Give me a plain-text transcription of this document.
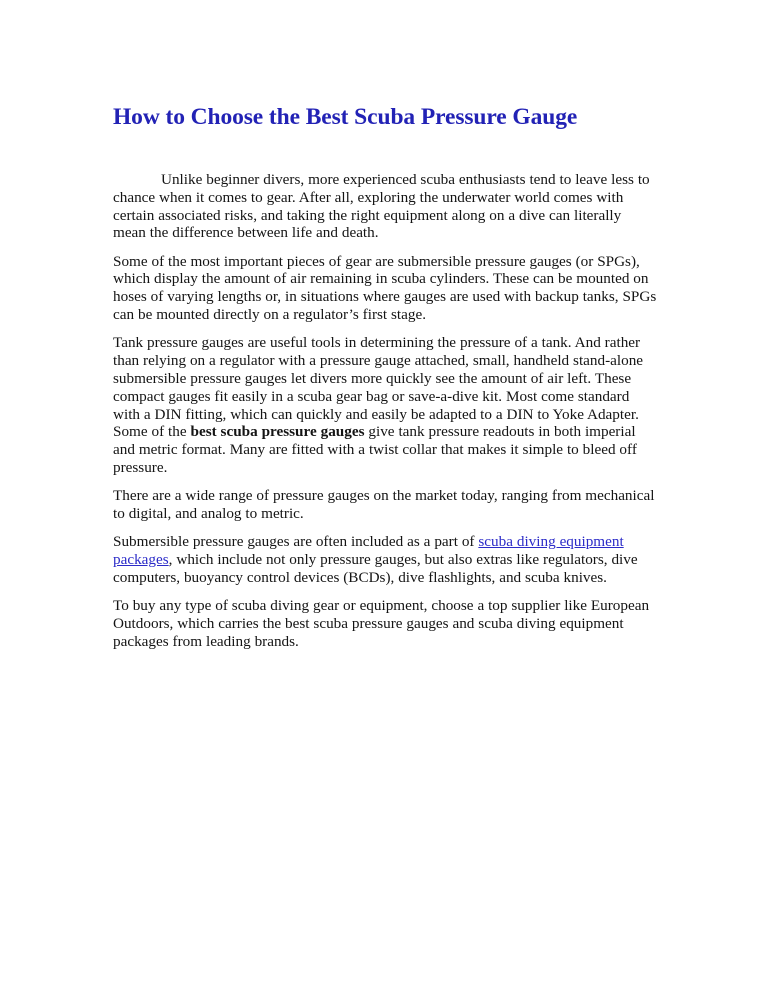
How to Choose the Best Scuba Pressure Gauge

Unlike beginner divers, more experienced scuba enthusiasts tend to leave less to chance when it comes to gear. After all, exploring the underwater world comes with certain associated risks, and taking the right equipment along on a dive can literally mean the difference between life and death.

Some of the most important pieces of gear are submersible pressure gauges (or SPGs), which display the amount of air remaining in scuba cylinders. These can be mounted on hoses of varying lengths or, in situations where gauges are used with backup tanks, SPGs can be mounted directly on a regulator’s first stage.

Tank pressure gauges are useful tools in determining the pressure of a tank. And rather than relying on a regulator with a pressure gauge attached, small, handheld stand-alone submersible pressure gauges let divers more quickly see the amount of air left. These compact gauges fit easily in a scuba gear bag or save-a-dive kit. Most come standard with a DIN fitting, which can quickly and easily be adapted to a DIN to Yoke Adapter. Some of the best scuba pressure gauges give tank pressure readouts in both imperial and metric format. Many are fitted with a twist collar that makes it simple to bleed off pressure.

There are a wide range of pressure gauges on the market today, ranging from mechanical to digital, and analog to metric.

Submersible pressure gauges are often included as a part of scuba diving equipment packages, which include not only pressure gauges, but also extras like regulators, dive computers, buoyancy control devices (BCDs), dive flashlights, and scuba knives.

To buy any type of scuba diving gear or equipment, choose a top supplier like European Outdoors, which carries the best scuba pressure gauges and scuba diving equipment packages from leading brands.
